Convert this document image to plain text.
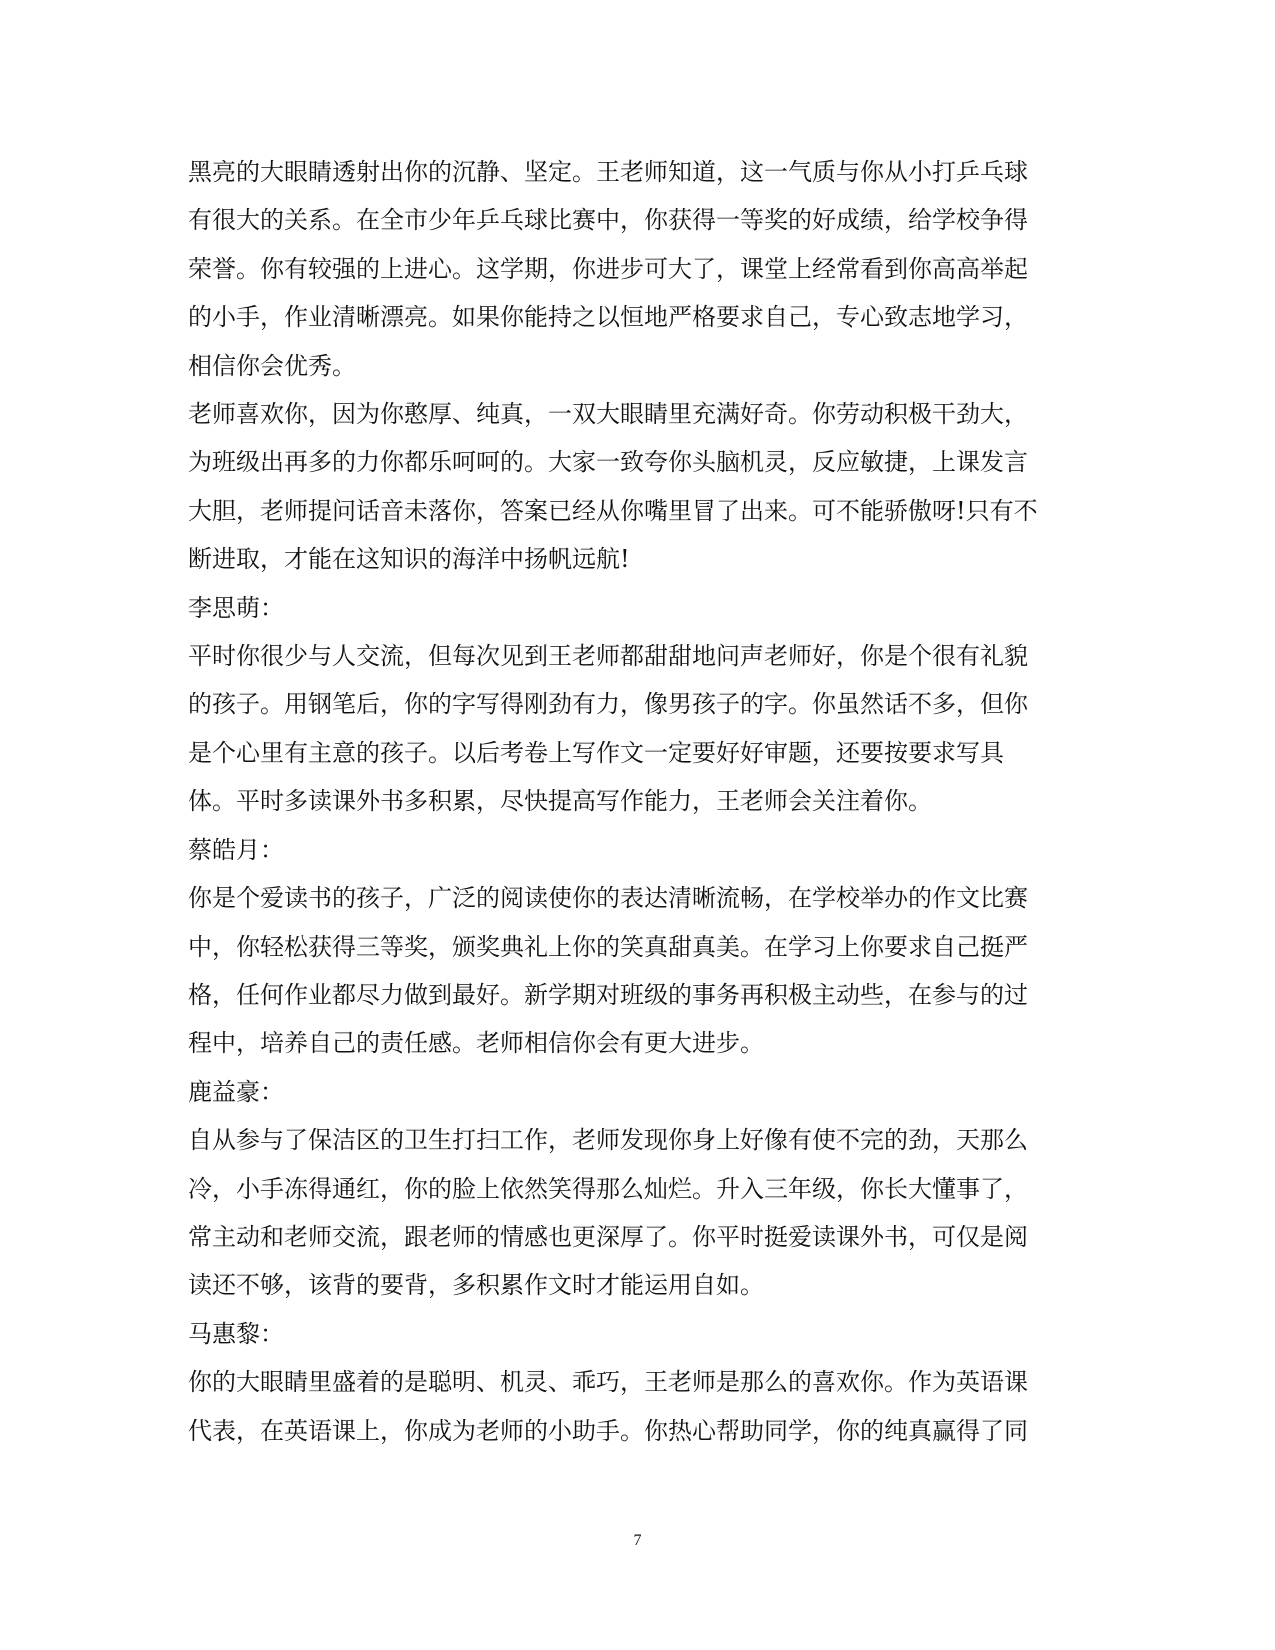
黑亮的大眼睛透射出你的沉静、坚定。王老师知道，这一气质与你从小打乒乓球有很大的关系。在全市少年乒乓球比赛中，你获得一等奖的好成绩，给学校争得荣誉。你有较强的上进心。这学期，你进步可大了，课堂上经常看到你高高举起的小手，作业清晰漂亮。如果你能持之以恒地严格要求自己，专心致志地学习，相信你会优秀。

老师喜欢你，因为你憨厚、纯真，一双大眼睛里充满好奇。你劳动积极干劲大，为班级出再多的力你都乐呵呵的。大家一致夸你头脑机灵，反应敏捷，上课发言大胆，老师提问话音未落你，答案已经从你嘴里冒了出来。可不能骄傲呀!只有不断进取，才能在这知识的海洋中扬帆远航!

李思萌：

平时你很少与人交流，但每次见到王老师都甜甜地问声老师好，你是个很有礼貌的孩子。用钢笔后，你的字写得刚劲有力，像男孩子的字。你虽然话不多，但你是个心里有主意的孩子。以后考卷上写作文一定要好好审题，还要按要求写具体。平时多读课外书多积累，尽快提高写作能力，王老师会关注着你。

蔡皓月：

你是个爱读书的孩子，广泛的阅读使你的表达清晰流畅，在学校举办的作文比赛中，你轻松获得三等奖，颁奖典礼上你的笑真甜真美。在学习上你要求自己挺严格，任何作业都尽力做到最好。新学期对班级的事务再积极主动些，在参与的过程中，培养自己的责任感。老师相信你会有更大进步。

鹿益豪：

自从参与了保洁区的卫生打扫工作，老师发现你身上好像有使不完的劲，天那么冷，小手冻得通红，你的脸上依然笑得那么灿烂。升入三年级，你长大懂事了，常主动和老师交流，跟老师的情感也更深厚了。你平时挺爱读课外书，可仅是阅读还不够，该背的要背，多积累作文时才能运用自如。

马惠黎：

你的大眼睛里盛着的是聪明、机灵、乖巧，王老师是那么的喜欢你。作为英语课代表，在英语课上，你成为老师的小助手。你热心帮助同学，你的纯真赢得了同

7
